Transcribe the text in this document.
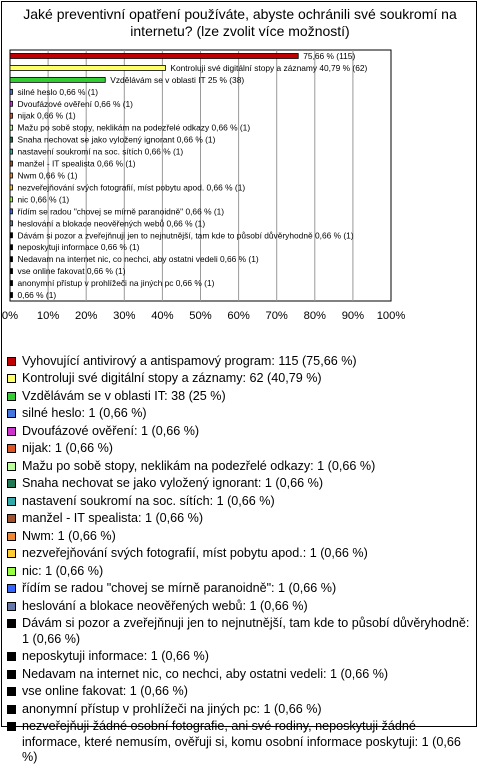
Jaké preventivní opatření používáte, abyste ochránili své soukromí na internetu? (lze zvolit více možností)
0% 10% 20% 30% 40% 50% 60% 70% 80% 90% 100%
75,66 % (115)
Kontroluji své digitální stopy a záznamy 40,79 % (62)
Vzdělávám se v oblasti IT 25 % (38)
silné heslo 0,66 % (1)
Dvoufázové ověření 0,66 % (1)
nijak 0,66 % (1)
Mažu po sobě stopy, neklikám na podezřelé odkazy 0,66 % (1)
Snaha nechovat se jako vyložený ignorant 0,66 % (1)
nastavení soukromí na soc. sítích 0,66 % (1)
manžel - IT spealista 0,66 % (1)
Nwm 0,66 % (1)
nezveřejňování svých fotografií, míst pobytu apod. 0,66 % (1)
nic 0,66 % (1)
řídím se radou "chovej se mírně paranoidně" 0,66 % (1)
heslování a blokace neověřených webů 0,66 % (1)
Dávám si pozor a zveřejňnuji jen to nejnutnější, tam kde to působí důvěryhodně 0,66 % (1)
neposkytuji informace 0,66 % (1)
Nedavam na internet nic, co nechci, aby ostatni vedeli 0,66 % (1)
vse online fakovat 0,66 % (1)
anonymní přístup v prohlížeči na jiných pc 0,66 % (1)
0,66 % (1)
Vyhovující antivirový a antispamový program: 115 (75,66 %)
Kontroluji své digitální stopy a záznamy: 62 (40,79 %)
Vzdělávám se v oblasti IT: 38 (25 %)
silné heslo: 1 (0,66 %)
Dvoufázové ověření: 1 (0,66 %)
nijak: 1 (0,66 %)
Mažu po sobě stopy, neklikám na podezřelé odkazy: 1 (0,66 %)
Snaha nechovat se jako vyložený ignorant: 1 (0,66 %)
nastavení soukromí na soc. sítích: 1 (0,66 %)
manžel - IT spealista: 1 (0,66 %)
Nwm: 1 (0,66 %)
nezveřejňování svých fotografií, míst pobytu apod.: 1 (0,66 %)
nic: 1 (0,66 %)
řídím se radou "chovej se mírně paranoidně": 1 (0,66 %)
heslování a blokace neověřených webů: 1 (0,66 %)
Dávám si pozor a zveřejňnuji jen to nejnutnější, tam kde to působí důvěryhodně: 1 (0,66 %)
neposkytuji informace: 1 (0,66 %)
Nedavam na internet nic, co nechci, aby ostatni vedeli: 1 (0,66 %)
vse online fakovat: 1 (0,66 %)
anonymní přístup v prohlížeči na jiných pc: 1 (0,66 %)
nezveřejňuji žádné osobní fotografie, ani své rodiny, neposkytuji žádné informace, které nemusím, ověřuji si, komu osobní informace poskytuji: 1 (0,66 %)
